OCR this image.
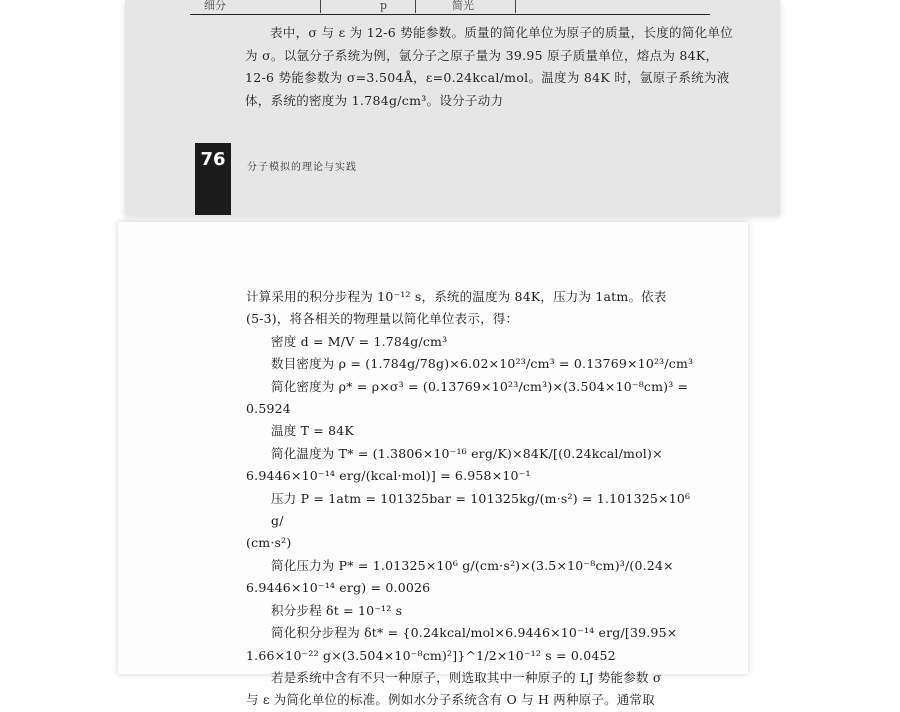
细分	p	简光

表中，σ 与 ε 为 12-6 势能参数。质量的简化单位为原子的质量，长度的简化单位为 σ。以氩分子系统为例，氩分子之原子量为 39.95 原子质量单位，熔点为 84K，12-6 势能参数为 σ=3.504Å，ε=0.24kcal/mol。温度为 84K 时，氩原子系统为液体，系统的密度为 1.784g/cm³。设分子动力

76	分子模拟的理论与实践

计算采用的积分步程为 10⁻¹² s，系统的温度为 84K，压力为 1atm。依表

(5-3)，将各相关的物理量以简化单位表示，得：

密度 d = M/V = 1.784g/cm³

数目密度为 ρ = (1.784g/78g)×6.02×10²³/cm³ = 0.13769×10²³/cm³

简化密度为 ρ* = ρ×σ³ = (0.13769×10²³/cm³)×(3.504×10⁻⁸cm)³ =

0.5924

温度 T = 84K

简化温度为 T* = (1.3806×10⁻¹⁶ erg/K)×84K/[(0.24kcal/mol)×

6.9446×10⁻¹⁴ erg/(kcal·mol)] = 6.958×10⁻¹

压力 P = 1atm = 101325bar = 101325kg/(m·s²) = 1.101325×10⁶ g/

(cm·s²)

简化压力为 P* = 1.01325×10⁶ g/(cm·s²)×(3.5×10⁻⁸cm)³/(0.24×

6.9446×10⁻¹⁴ erg) = 0.0026

积分步程 δt = 10⁻¹² s

简化积分步程为 δt* = {0.24kcal/mol×6.9446×10⁻¹⁴ erg/[39.95×

1.66×10⁻²² g×(3.504×10⁻⁸cm)²]}^1/2×10⁻¹² s = 0.0452

若是系统中含有不只一种原子，则选取其中一种原子的 LJ 势能参数 σ

与 ε 为简化单位的标准。例如水分子系统含有 O 与 H 两种原子。通常取
